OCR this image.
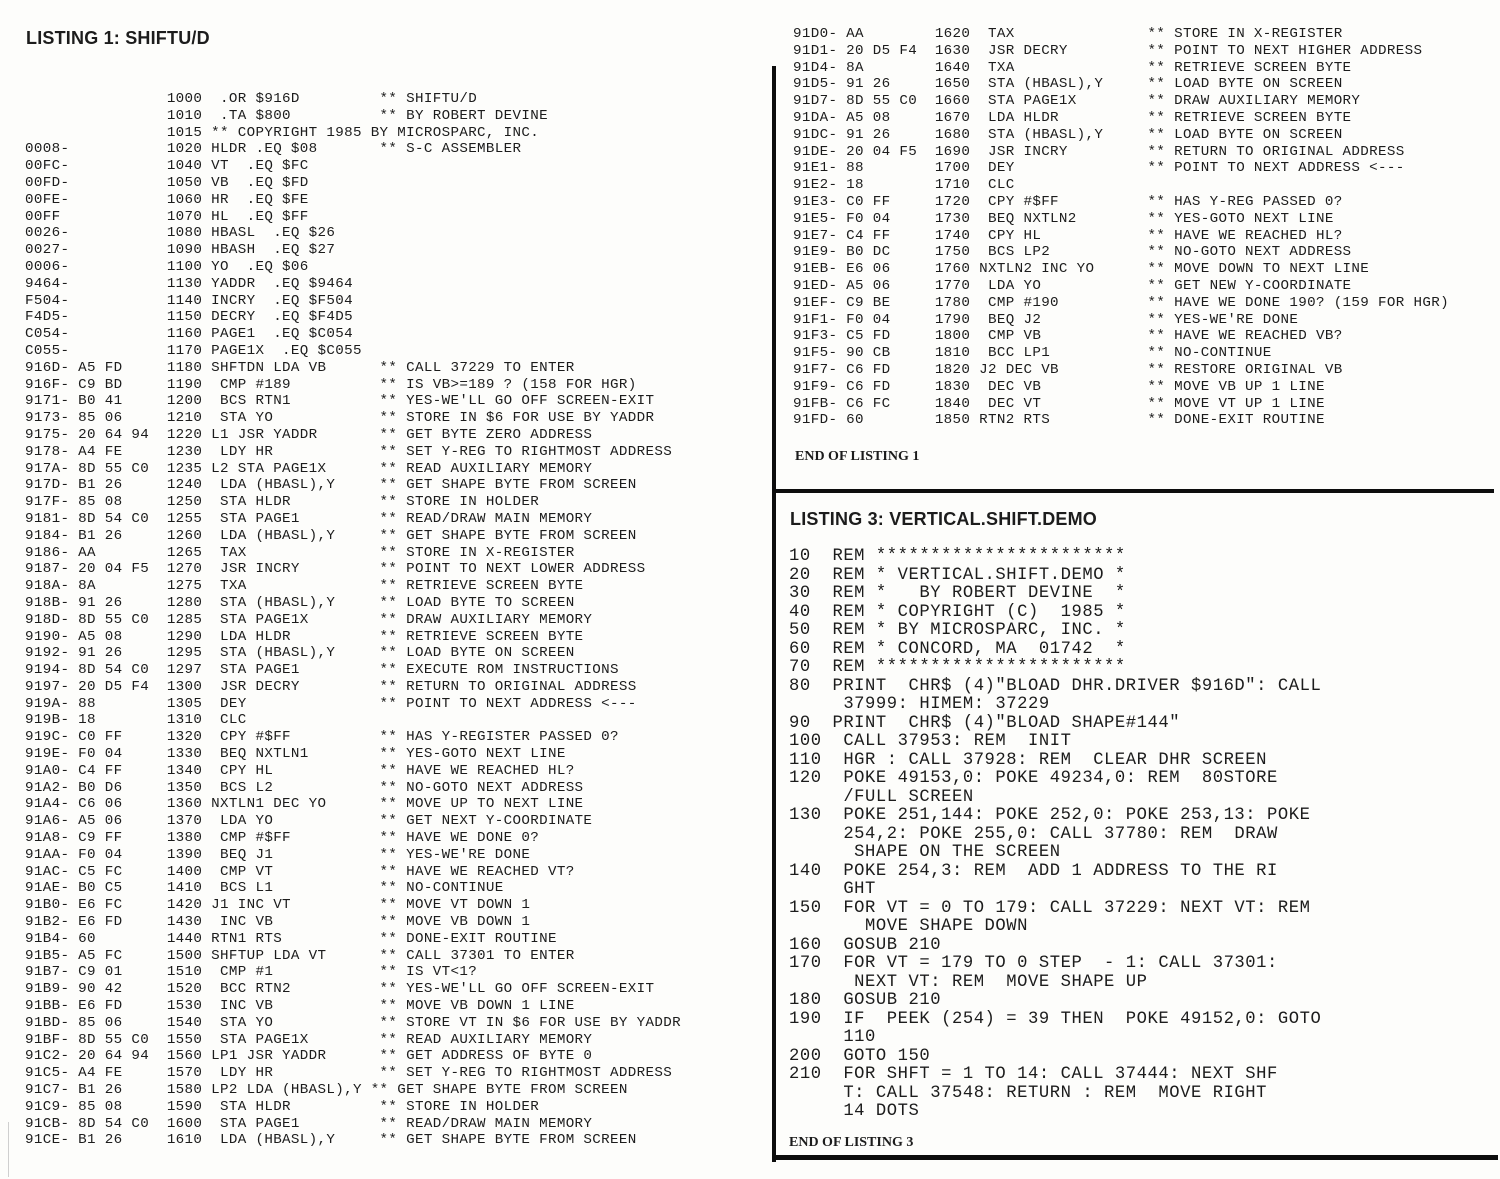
LISTING 1: SHIFTU/D
1000  .OR $916D         ** SHIFTU/D
1010  .TA $800          ** BY ROBERT DEVINE
1015 ** COPYRIGHT 1985 BY MICROSPARC, INC.
0008-           1020 HLDR .EQ $08       ** S-C ASSEMBLER
00FC-           1040 VT  .EQ $FC
00FD-           1050 VB  .EQ $FD
00FE-           1060 HR  .EQ $FE
00FF            1070 HL  .EQ $FF
0026-           1080 HBASL  .EQ $26
0027-           1090 HBASH  .EQ $27
0006-           1100 YO  .EQ $06
9464-           1130 YADDR  .EQ $9464
F504-           1140 INCRY  .EQ $F504
F4D5-           1150 DECRY  .EQ $F4D5
C054-           1160 PAGE1  .EQ $C054
C055-           1170 PAGE1X  .EQ $C055
916D- A5 FD     1180 SHFTDN LDA VB      ** CALL 37229 TO ENTER
916F- C9 BD     1190  CMP #189          ** IS VB>=189 ? (158 FOR HGR)
9171- B0 41     1200  BCS RTN1          ** YES-WE'LL GO OFF SCREEN-EXIT
9173- 85 06     1210  STA YO            ** STORE IN $6 FOR USE BY YADDR
9175- 20 64 94  1220 L1 JSR YADDR       ** GET BYTE ZERO ADDRESS
9178- A4 FE     1230  LDY HR            ** SET Y-REG TO RIGHTMOST ADDRESS
917A- 8D 55 C0  1235 L2 STA PAGE1X      ** READ AUXILIARY MEMORY
917D- B1 26     1240  LDA (HBASL),Y     ** GET SHAPE BYTE FROM SCREEN
917F- 85 08     1250  STA HLDR          ** STORE IN HOLDER
9181- 8D 54 C0  1255  STA PAGE1         ** READ/DRAW MAIN MEMORY
9184- B1 26     1260  LDA (HBASL),Y     ** GET SHAPE BYTE FROM SCREEN
9186- AA        1265  TAX               ** STORE IN X-REGISTER
9187- 20 04 F5  1270  JSR INCRY         ** POINT TO NEXT LOWER ADDRESS
918A- 8A        1275  TXA               ** RETRIEVE SCREEN BYTE
918B- 91 26     1280  STA (HBASL),Y     ** LOAD BYTE TO SCREEN
918D- 8D 55 C0  1285  STA PAGE1X        ** DRAW AUXILIARY MEMORY
9190- A5 08     1290  LDA HLDR          ** RETRIEVE SCREEN BYTE
9192- 91 26     1295  STA (HBASL),Y     ** LOAD BYTE ON SCREEN
9194- 8D 54 C0  1297  STA PAGE1         ** EXECUTE ROM INSTRUCTIONS
9197- 20 D5 F4  1300  JSR DECRY         ** RETURN TO ORIGINAL ADDRESS
919A- 88        1305  DEY               ** POINT TO NEXT ADDRESS <---
919B- 18        1310  CLC
919C- C0 FF     1320  CPY #$FF          ** HAS Y-REGISTER PASSED 0?
919E- F0 04     1330  BEQ NXTLN1        ** YES-GOTO NEXT LINE
91A0- C4 FF     1340  CPY HL            ** HAVE WE REACHED HL?
91A2- B0 D6     1350  BCS L2            ** NO-GOTO NEXT ADDRESS
91A4- C6 06     1360 NXTLN1 DEC YO      ** MOVE UP TO NEXT LINE
91A6- A5 06     1370  LDA YO            ** GET NEXT Y-COORDINATE
91A8- C9 FF     1380  CMP #$FF          ** HAVE WE DONE 0?
91AA- F0 04     1390  BEQ J1            ** YES-WE'RE DONE
91AC- C5 FC     1400  CMP VT            ** HAVE WE REACHED VT?
91AE- B0 C5     1410  BCS L1            ** NO-CONTINUE
91B0- E6 FC     1420 J1 INC VT          ** MOVE VT DOWN 1
91B2- E6 FD     1430  INC VB            ** MOVE VB DOWN 1
91B4- 60        1440 RTN1 RTS           ** DONE-EXIT ROUTINE
91B5- A5 FC     1500 SHFTUP LDA VT      ** CALL 37301 TO ENTER
91B7- C9 01     1510  CMP #1            ** IS VT<1?
91B9- 90 42     1520  BCC RTN2          ** YES-WE'LL GO OFF SCREEN-EXIT
91BB- E6 FD     1530  INC VB            ** MOVE VB DOWN 1 LINE
91BD- 85 06     1540  STA YO            ** STORE VT IN $6 FOR USE BY YADDR
91BF- 8D 55 C0  1550  STA PAGE1X        ** READ AUXILIARY MEMORY
91C2- 20 64 94  1560 LP1 JSR YADDR      ** GET ADDRESS OF BYTE 0
91C5- A4 FE     1570  LDY HR            ** SET Y-REG TO RIGHTMOST ADDRESS
91C7- B1 26     1580 LP2 LDA (HBASL),Y ** GET SHAPE BYTE FROM SCREEN
91C9- 85 08     1590  STA HLDR          ** STORE IN HOLDER
91CB- 8D 54 C0  1600  STA PAGE1         ** READ/DRAW MAIN MEMORY
91CE- B1 26     1610  LDA (HBASL),Y     ** GET SHAPE BYTE FROM SCREEN
91D0- AA        1620  TAX               ** STORE IN X-REGISTER
91D1- 20 D5 F4  1630  JSR DECRY         ** POINT TO NEXT HIGHER ADDRESS
91D4- 8A        1640  TXA               ** RETRIEVE SCREEN BYTE
91D5- 91 26     1650  STA (HBASL),Y     ** LOAD BYTE ON SCREEN
91D7- 8D 55 C0  1660  STA PAGE1X        ** DRAW AUXILIARY MEMORY
91DA- A5 08     1670  LDA HLDR          ** RETRIEVE SCREEN BYTE
91DC- 91 26     1680  STA (HBASL),Y     ** LOAD BYTE ON SCREEN
91DE- 20 04 F5  1690  JSR INCRY         ** RETURN TO ORIGINAL ADDRESS
91E1- 88        1700  DEY               ** POINT TO NEXT ADDRESS <---
91E2- 18        1710  CLC
91E3- C0 FF     1720  CPY #$FF          ** HAS Y-REG PASSED 0?
91E5- F0 04     1730  BEQ NXTLN2        ** YES-GOTO NEXT LINE
91E7- C4 FF     1740  CPY HL            ** HAVE WE REACHED HL?
91E9- B0 DC     1750  BCS LP2           ** NO-GOTO NEXT ADDRESS
91EB- E6 06     1760 NXTLN2 INC YO      ** MOVE DOWN TO NEXT LINE
91ED- A5 06     1770  LDA YO            ** GET NEW Y-COORDINATE
91EF- C9 BE     1780  CMP #190          ** HAVE WE DONE 190? (159 FOR HGR)
91F1- F0 04     1790  BEQ J2            ** YES-WE'RE DONE
91F3- C5 FD     1800  CMP VB            ** HAVE WE REACHED VB?
91F5- 90 CB     1810  BCC LP1           ** NO-CONTINUE
91F7- C6 FD     1820 J2 DEC VB          ** RESTORE ORIGINAL VB
91F9- C6 FD     1830  DEC VB            ** MOVE VB UP 1 LINE
91FB- C6 FC     1840  DEC VT            ** MOVE VT UP 1 LINE
91FD- 60        1850 RTN2 RTS           ** DONE-EXIT ROUTINE
END OF LISTING 1
LISTING 3: VERTICAL.SHIFT.DEMO
10  REM ***********************
20  REM * VERTICAL.SHIFT.DEMO *
30  REM *   BY ROBERT DEVINE  *
40  REM * COPYRIGHT (C)  1985 *
50  REM * BY MICROSPARC, INC. *
60  REM * CONCORD, MA  01742  *
70  REM ***********************
80  PRINT  CHR$ (4)"BLOAD DHR.DRIVER $916D": CALL
37999: HIMEM: 37229
90  PRINT  CHR$ (4)"BLOAD SHAPE#144"
100  CALL 37953: REM  INIT
110  HGR : CALL 37928: REM  CLEAR DHR SCREEN
120  POKE 49153,0: POKE 49234,0: REM  80STORE
/FULL SCREEN
130  POKE 251,144: POKE 252,0: POKE 253,13: POKE
254,2: POKE 255,0: CALL 37780: REM  DRAW
SHAPE ON THE SCREEN
140  POKE 254,3: REM  ADD 1 ADDRESS TO THE RI
GHT
150  FOR VT = 0 TO 179: CALL 37229: NEXT VT: REM
MOVE SHAPE DOWN
160  GOSUB 210
170  FOR VT = 179 TO 0 STEP  - 1: CALL 37301:
NEXT VT: REM  MOVE SHAPE UP
180  GOSUB 210
190  IF  PEEK (254) = 39 THEN  POKE 49152,0: GOTO
110
200  GOTO 150
210  FOR SHFT = 1 TO 14: CALL 37444: NEXT SHF
T: CALL 37548: RETURN : REM  MOVE RIGHT
14 DOTS
END OF LISTING 3
